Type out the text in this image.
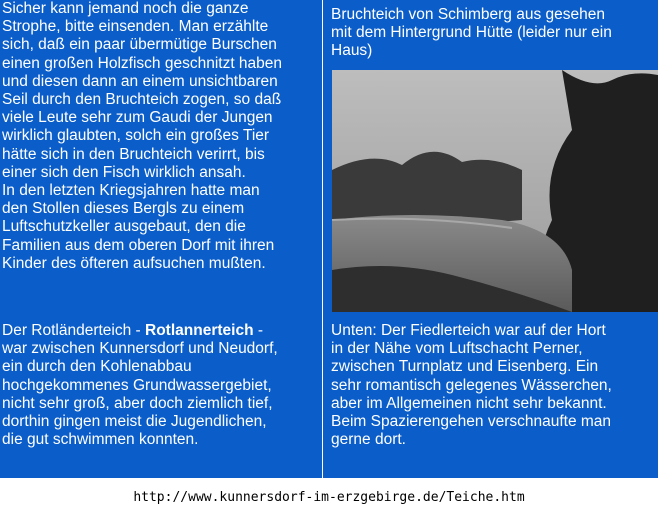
Sicher kann jemand noch die ganze
Strophe, bitte einsenden. Man erzählte
sich, daß ein paar übermütige Burschen
einen großen Holzfisch geschnitzt haben
und diesen dann an einem unsichtbaren
Seil durch den Bruchteich zogen, so daß
viele Leute sehr zum Gaudi der Jungen
wirklich glaubten, solch ein großes Tier
hätte sich in den Bruchteich verirrt, bis
einer sich den Fisch wirklich ansah.
In den letzten Kriegsjahren hatte man
den Stollen dieses Bergls zu einem
Luftschutzkeller ausgebaut, den die
Familien aus dem oberen Dorf mit ihren
Kinder des öfteren aufsuchen mußten.

Der Rotländerteich - Rotlannerteich -
war zwischen Kunnersdorf und Neudorf,
ein durch den Kohlenabbau
hochgekommenes Grundwassergebiet,
nicht sehr groß, aber doch ziemlich tief,
dorthin gingen meist die Jugendlichen,
die gut schwimmen konnten.

Bruchteich von Schimberg aus gesehen
mit dem Hintergrund Hütte (leider nur ein
Haus)

Unten: Der Fiedlerteich war auf der Hort
in der Nähe vom Luftschacht Perner,
zwischen Turnplatz und Eisenberg. Ein
sehr romantisch gelegenes Wässerchen,
aber im Allgemeinen nicht sehr bekannt.
Beim Spazierengehen verschnaufte man
gerne dort.

http://www.kunnersdorf-im-erzgebirge.de/Teiche.htm
